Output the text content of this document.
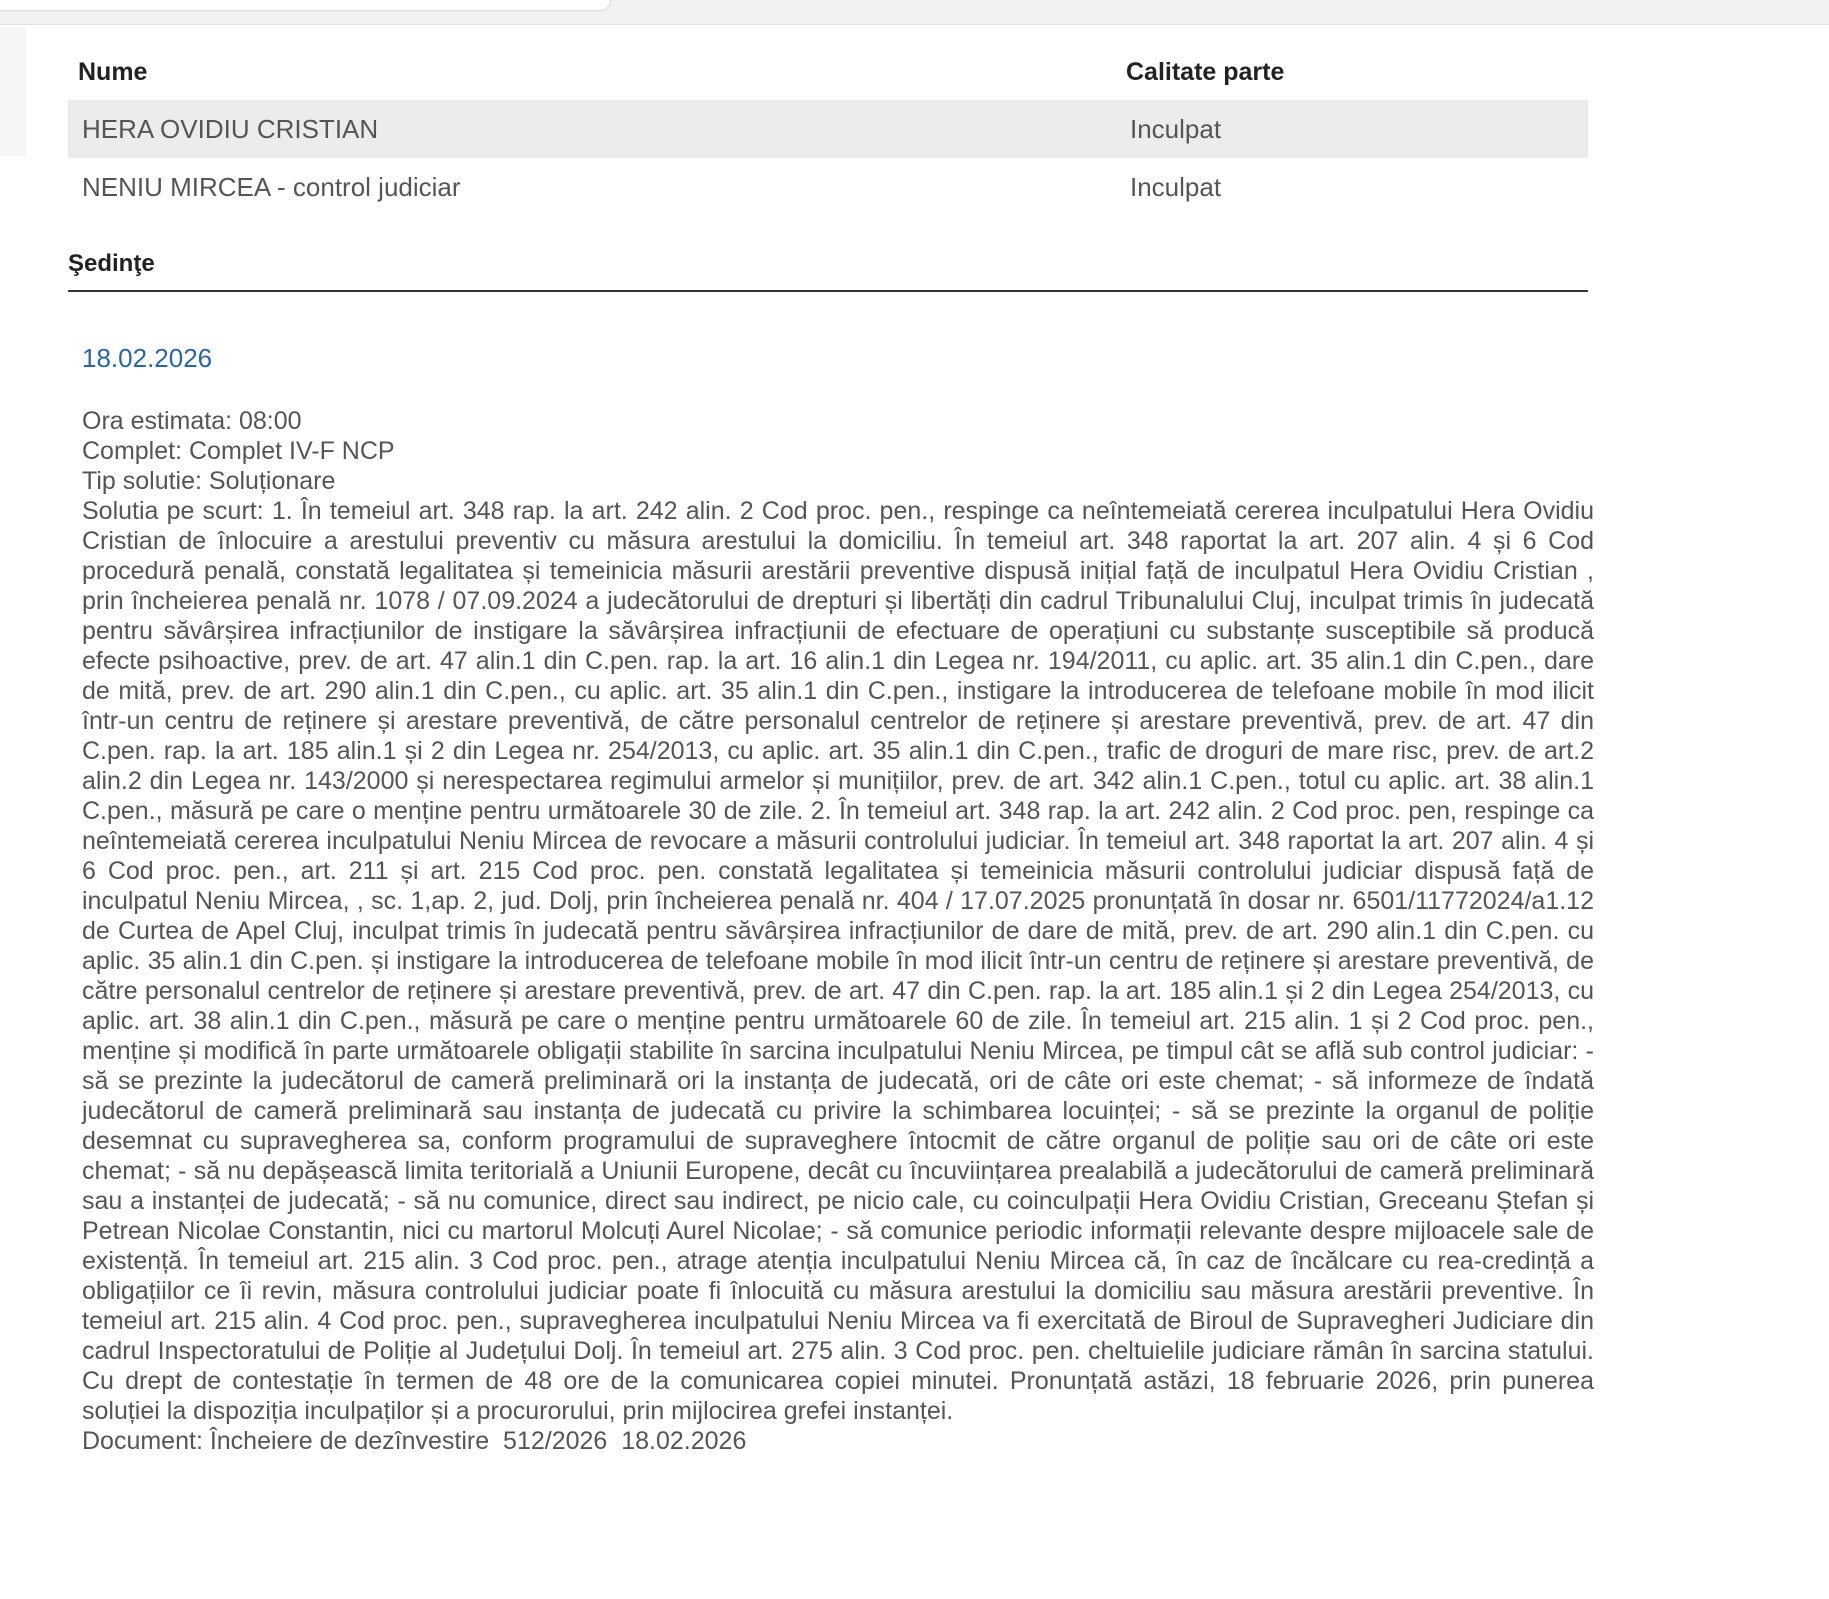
Nume	Calitate parte
HERA OVIDIU CRISTIAN	Inculpat
NENIU MIRCEA - control judiciar	Inculpat
Şedinţe
18.02.2026
Ora estimata: 08:00
Complet: Complet IV-F NCP
Tip solutie: Soluționare
Solutia pe scurt: 1. În temeiul art. 348 rap. la art. 242 alin. 2 Cod proc. pen., respinge ca neîntemeiată cererea inculpatului Hera Ovidiu Cristian de înlocuire a arestului preventiv cu măsura arestului la domiciliu. În temeiul art. 348 raportat la art. 207 alin. 4 și 6 Cod procedură penală, constată legalitatea și temeinicia măsurii arestării preventive dispusă inițial față de inculpatul Hera Ovidiu Cristian , prin încheierea penală nr. 1078 / 07.09.2024 a judecătorului de drepturi și libertăți din cadrul Tribunalului Cluj, inculpat trimis în judecată pentru săvârșirea infracțiunilor de instigare la săvârșirea infracțiunii de efectuare de operațiuni cu substanțe susceptibile să producă efecte psihoactive, prev. de art. 47 alin.1 din C.pen. rap. la art. 16 alin.1 din Legea nr. 194/2011, cu aplic. art. 35 alin.1 din C.pen., dare de mită, prev. de art. 290 alin.1 din C.pen., cu aplic. art. 35 alin.1 din C.pen., instigare la introducerea de telefoane mobile în mod ilicit într-un centru de reținere și arestare preventivă, de către personalul centrelor de reținere și arestare preventivă, prev. de art. 47 din C.pen. rap. la art. 185 alin.1 și 2 din Legea nr. 254/2013, cu aplic. art. 35 alin.1 din C.pen., trafic de droguri de mare risc, prev. de art.2 alin.2 din Legea nr. 143/2000 și nerespectarea regimului armelor și munițiilor, prev. de art. 342 alin.1 C.pen., totul cu aplic. art. 38 alin.1 C.pen., măsură pe care o menține pentru următoarele 30 de zile. 2. În temeiul art. 348 rap. la art. 242 alin. 2 Cod proc. pen, respinge ca neîntemeiată cererea inculpatului Neniu Mircea de revocare a măsurii controlului judiciar. În temeiul art. 348 raportat la art. 207 alin. 4 și 6 Cod proc. pen., art. 211 și art. 215 Cod proc. pen. constată legalitatea și temeinicia măsurii controlului judiciar dispusă față de inculpatul Neniu Mircea, , sc. 1,ap. 2, jud. Dolj, prin încheierea penală nr. 404 / 17.07.2025 pronunțată în dosar nr. 6501/11772024/a1.12 de Curtea de Apel Cluj, inculpat trimis în judecată pentru săvârșirea infracțiunilor de dare de mită, prev. de art. 290 alin.1 din C.pen. cu aplic. 35 alin.1 din C.pen. și instigare la introducerea de telefoane mobile în mod ilicit într-un centru de reținere și arestare preventivă, de către personalul centrelor de reținere și arestare preventivă, prev. de art. 47 din C.pen. rap. la art. 185 alin.1 și 2 din Legea 254/2013, cu aplic. art. 38 alin.1 din C.pen., măsură pe care o menține pentru următoarele 60 de zile. În temeiul art. 215 alin. 1 și 2 Cod proc. pen., menține și modifică în parte următoarele obligații stabilite în sarcina inculpatului Neniu Mircea, pe timpul cât se află sub control judiciar: - să se prezinte la judecătorul de cameră preliminară ori la instanța de judecată, ori de câte ori este chemat; - să informeze de îndată judecătorul de cameră preliminară sau instanța de judecată cu privire la schimbarea locuinței; - să se prezinte la organul de poliție desemnat cu supravegherea sa, conform programului de supraveghere întocmit de către organul de poliție sau ori de câte ori este chemat; - să nu depășească limita teritorială a Uniunii Europene, decât cu încuviințarea prealabilă a judecătorului de cameră preliminară sau a instanței de judecată; - să nu comunice, direct sau indirect, pe nicio cale, cu coinculpații Hera Ovidiu Cristian, Greceanu Ștefan și Petrean Nicolae Constantin, nici cu martorul Molcuți Aurel Nicolae; - să comunice periodic informații relevante despre mijloacele sale de existență. În temeiul art. 215 alin. 3 Cod proc. pen., atrage atenția inculpatului Neniu Mircea că, în caz de încălcare cu rea-credință a obligațiilor ce îi revin, măsura controlului judiciar poate fi înlocuită cu măsura arestului la domiciliu sau măsura arestării preventive. În temeiul art. 215 alin. 4 Cod proc. pen., supravegherea inculpatului Neniu Mircea va fi exercitată de Biroul de Supravegheri Judiciare din cadrul Inspectoratului de Poliție al Județului Dolj. În temeiul art. 275 alin. 3 Cod proc. pen. cheltuielile judiciare rămân în sarcina statului. Cu drept de contestație în termen de 48 ore de la comunicarea copiei minutei. Pronunțată astăzi, 18 februarie 2026, prin punerea soluției la dispoziția inculpaților și a procurorului, prin mijlocirea grefei instanței.
Document: Încheiere de dezînvestire  512/2026  18.02.2026
